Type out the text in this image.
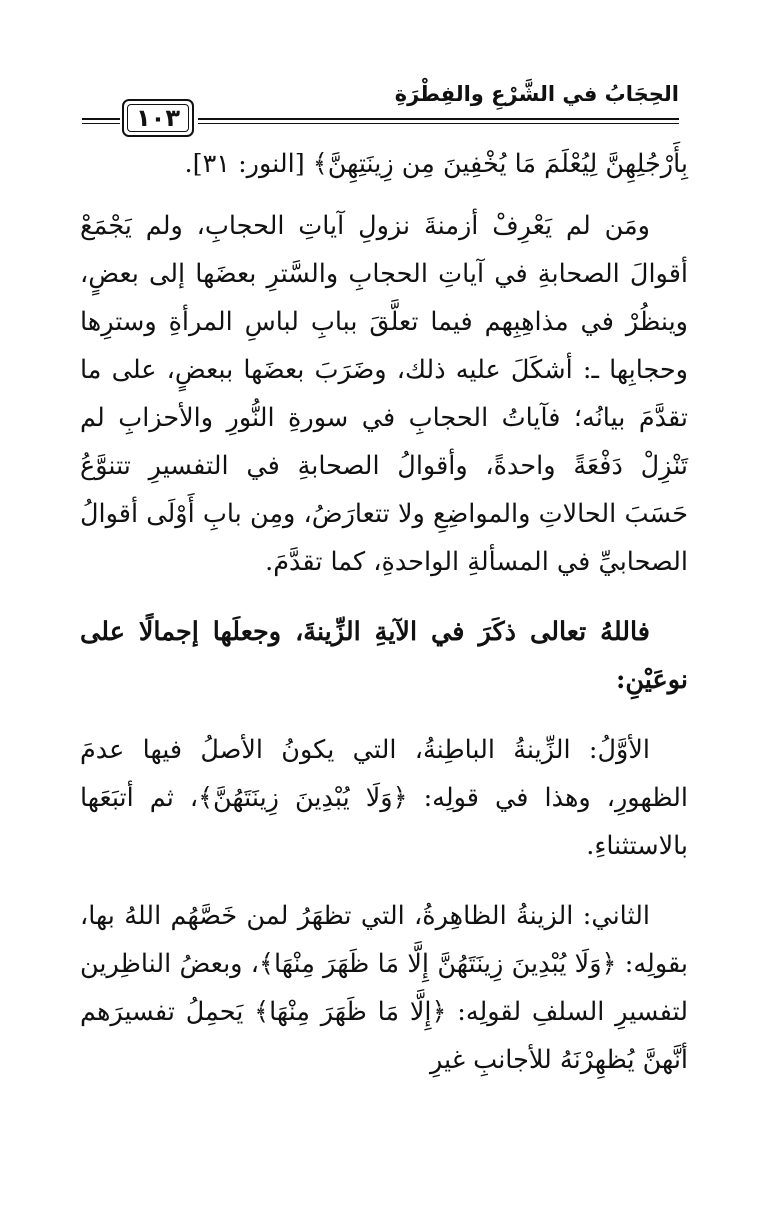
الحِجَابُ في الشَّرْعِ والفِطْرَةِ
١٠٣

بِأَرْجُلِهِنَّ لِيُعْلَمَ مَا يُخْفِينَ مِن زِينَتِهِنَّ﴾ [النور: ٣١].

ومَن لم يَعْرِفْ أزمنةَ نزولِ آياتِ الحجابِ، ولم يَجْمَعْ أقوالَ الصحابةِ في آياتِ الحجابِ والسَّترِ بعضَها إلى بعضٍ، وينظُرْ في مذاهِبِهم فيما تعلَّقَ ببابِ لباسِ المرأةِ وسترِها وحجابِها ـ: أشكَلَ عليه ذلك، وضَرَبَ بعضَها ببعضٍ، على ما تقدَّمَ بيانُه؛ فآياتُ الحجابِ في سورةِ النُّورِ والأحزابِ لم تَنْزِلْ دَفْعَةً واحدةً، وأقوالُ الصحابةِ في التفسيرِ تتنوَّعُ حَسَبَ الحالاتِ والمواضِعِ ولا تتعارَضُ، ومِن بابِ أَوْلَى أقوالُ الصحابيِّ في المسألةِ الواحدةِ، كما تقدَّمَ.

فاللهُ تعالى ذكَرَ في الآيةِ الزِّينةَ، وجعلَها إجمالًا على نوعَيْنِ:

الأوَّلُ: الزِّينةُ الباطِنةُ، التي يكونُ الأصلُ فيها عدمَ الظهورِ، وهذا في قولِه: ﴿وَلَا يُبْدِينَ زِينَتَهُنَّ﴾، ثم أتبَعَها بالاستثناءِ.

الثاني: الزينةُ الظاهِرةُ، التي تظهَرُ لمن خَصَّهُم اللهُ بها، بقولِه: ﴿وَلَا يُبْدِينَ زِينَتَهُنَّ إِلَّا مَا ظَهَرَ مِنْهَا﴾، وبعضُ الناظِرين لتفسيرِ السلفِ لقولِه: ﴿إِلَّا مَا ظَهَرَ مِنْهَا﴾ يَحمِلُ تفسيرَهم أنَّهنَّ يُظهِرْنَهُ للأجانبِ غيرِ
